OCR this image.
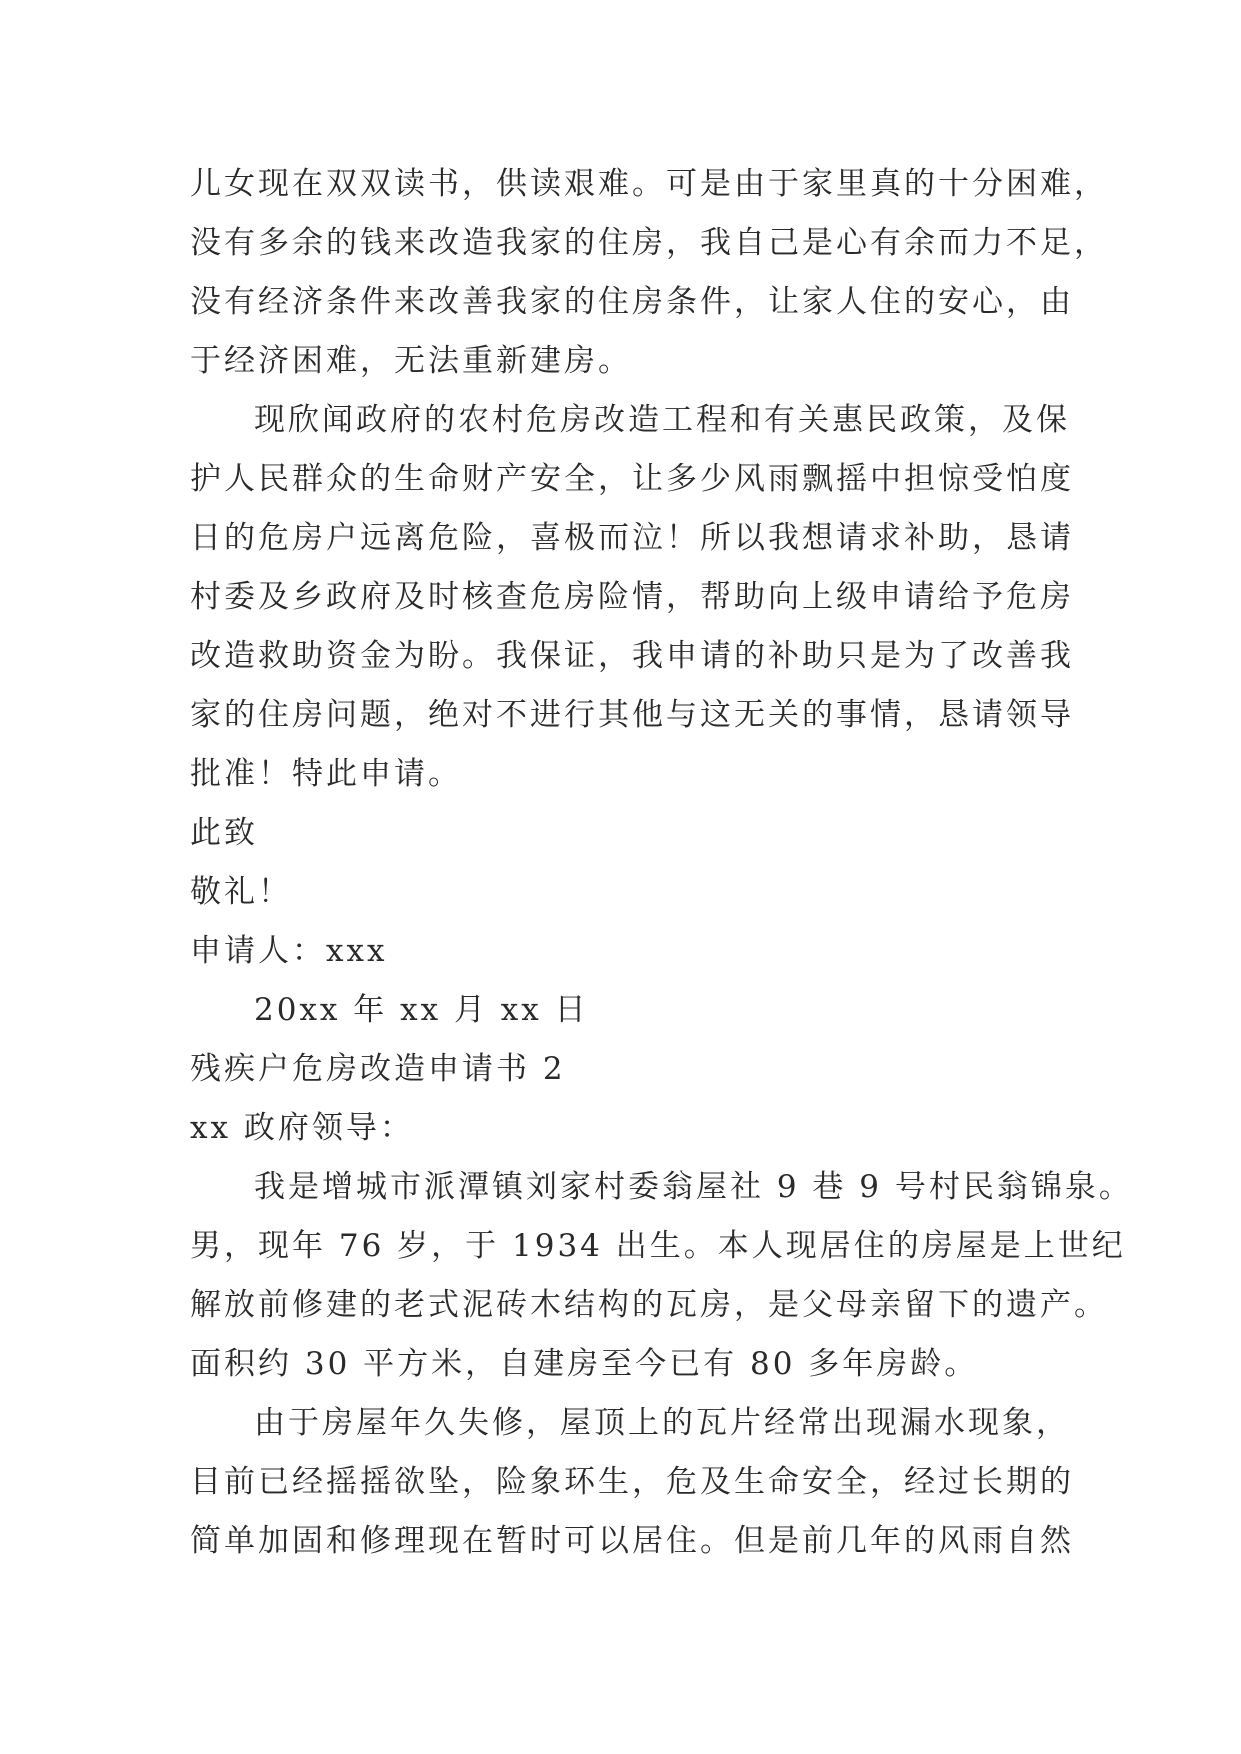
儿女现在双双读书，供读艰难。可是由于家里真的十分困难，
没有多余的钱来改造我家的住房，我自己是心有余而力不足，
没有经济条件来改善我家的住房条件，让家人住的安心，由
于经济困难，无法重新建房。
现欣闻政府的农村危房改造工程和有关惠民政策，及保
护人民群众的生命财产安全，让多少风雨飘摇中担惊受怕度
日的危房户远离危险，喜极而泣！所以我想请求补助，恳请
村委及乡政府及时核查危房险情，帮助向上级申请给予危房
改造救助资金为盼。我保证，我申请的补助只是为了改善我
家的住房问题，绝对不进行其他与这无关的事情，恳请领导
批准！特此申请。
此致
敬礼！
申请人：xxx
20xx 年 xx 月 xx 日
残疾户危房改造申请书 2
xx 政府领导：
我是增城市派潭镇刘家村委翁屋社 9 巷 9 号村民翁锦泉。
男，现年 76 岁，于 1934 出生。本人现居住的房屋是上世纪
解放前修建的老式泥砖木结构的瓦房，是父母亲留下的遗产。
面积约 30 平方米，自建房至今已有 80 多年房龄。
由于房屋年久失修，屋顶上的瓦片经常出现漏水现象，
目前已经摇摇欲坠，险象环生，危及生命安全，经过长期的
简单加固和修理现在暂时可以居住。但是前几年的风雨自然
